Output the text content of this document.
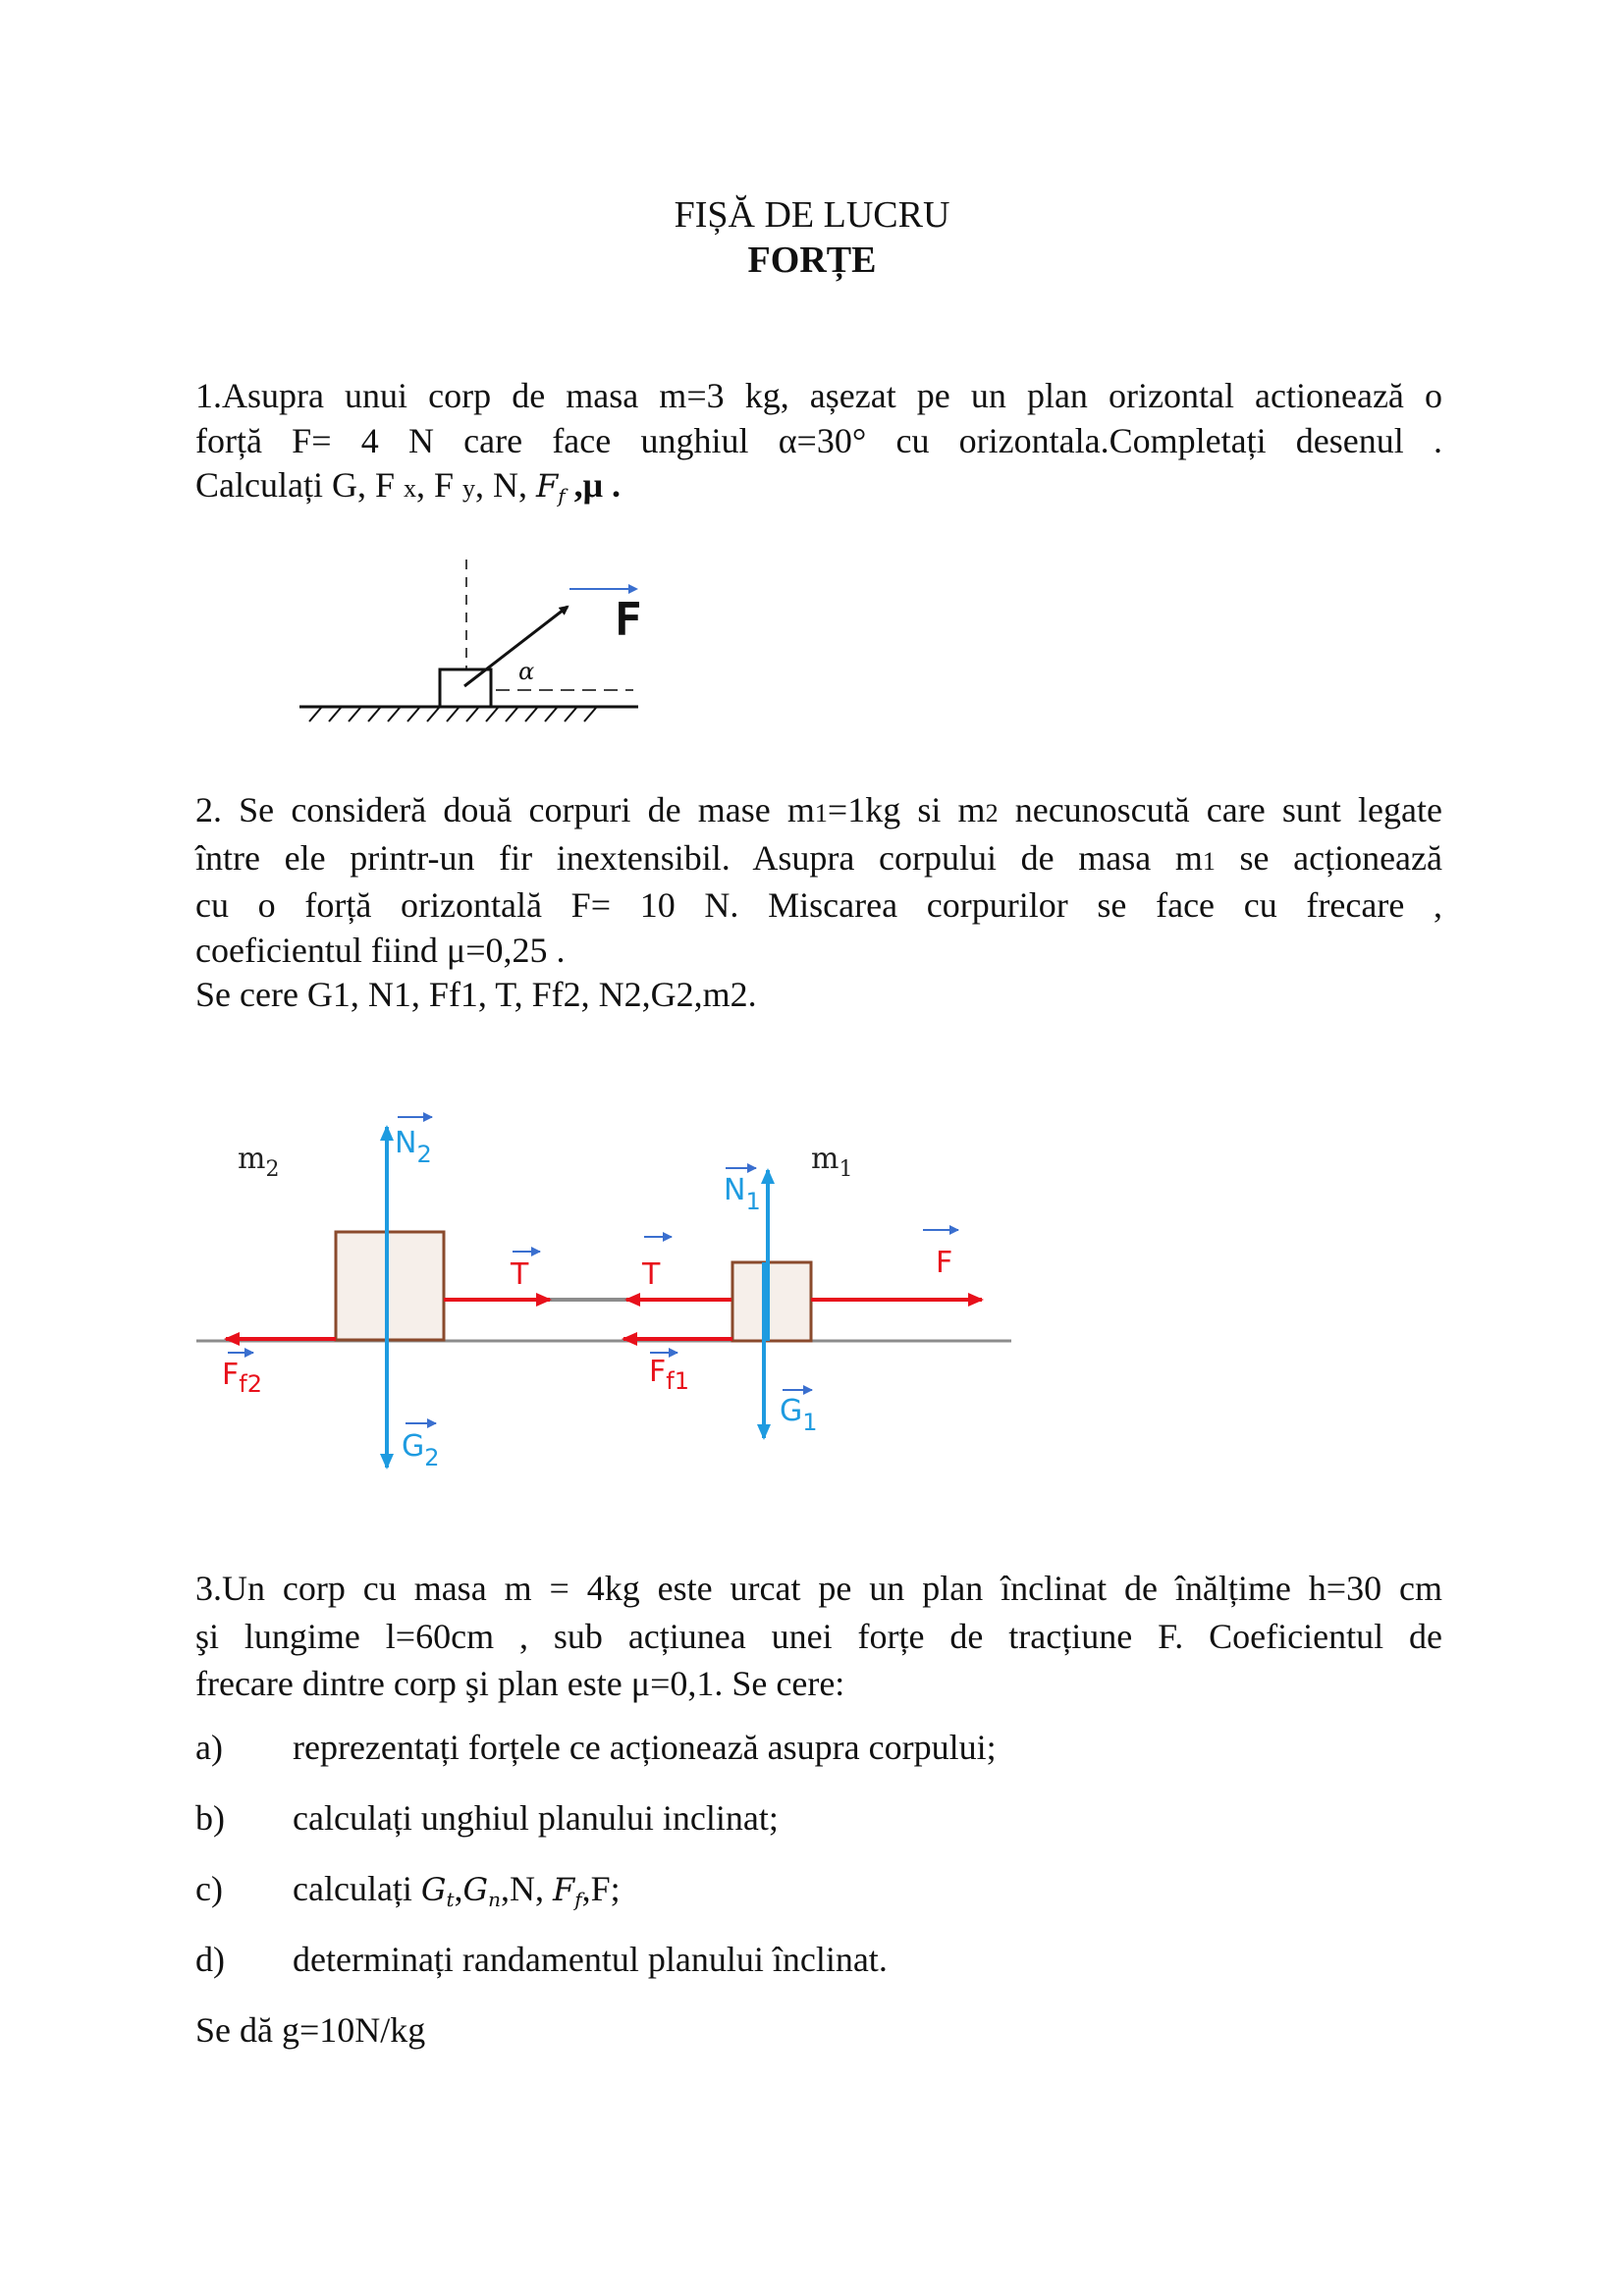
FIȘĂ DE LUCRU
FORȚE
1.Asupra unui corp de masa m=3 kg, așezat pe un plan orizontal actionează o
forță F= 4 N care face unghiul α=30° cu orizontala.Completați desenul .
Calculați G, F x, F y, N, Ff ,μ .
α
F
2. Se consideră două corpuri de mase m1=1kg si m2 necunoscută care sunt legate
între ele printr-un fir inextensibil. Asupra corpului de masa m1 se acționează
cu o forță orizontală F= 10 N. Miscarea corpurilor se face cu frecare ,
coeficientul fiind μ=0,25 .
Se cere G1, N1, Ff1, T, Ff2, N2,G2,m2.
$m_2$	$m_1$
$N_2$
$N_1$
$G_2$
$G_1$
T	T	F
$F_{f2}$	$F_{f1}$
3.Un corp cu masa m = 4kg este urcat pe un plan înclinat de înălțime h=30 cm
şi lungime l=60cm , sub acțiunea unei forțe de tracțiune F. Coeficientul de
frecare dintre corp şi plan este μ=0,1. Se cere:
a)	reprezentați forțele ce acționează asupra corpului;
b)	calculați unghiul planului inclinat;
c)	calculați Gt,Gn,N, Ff,F;
d)	determinați randamentul planului înclinat.
Se dă g=10N/kg
